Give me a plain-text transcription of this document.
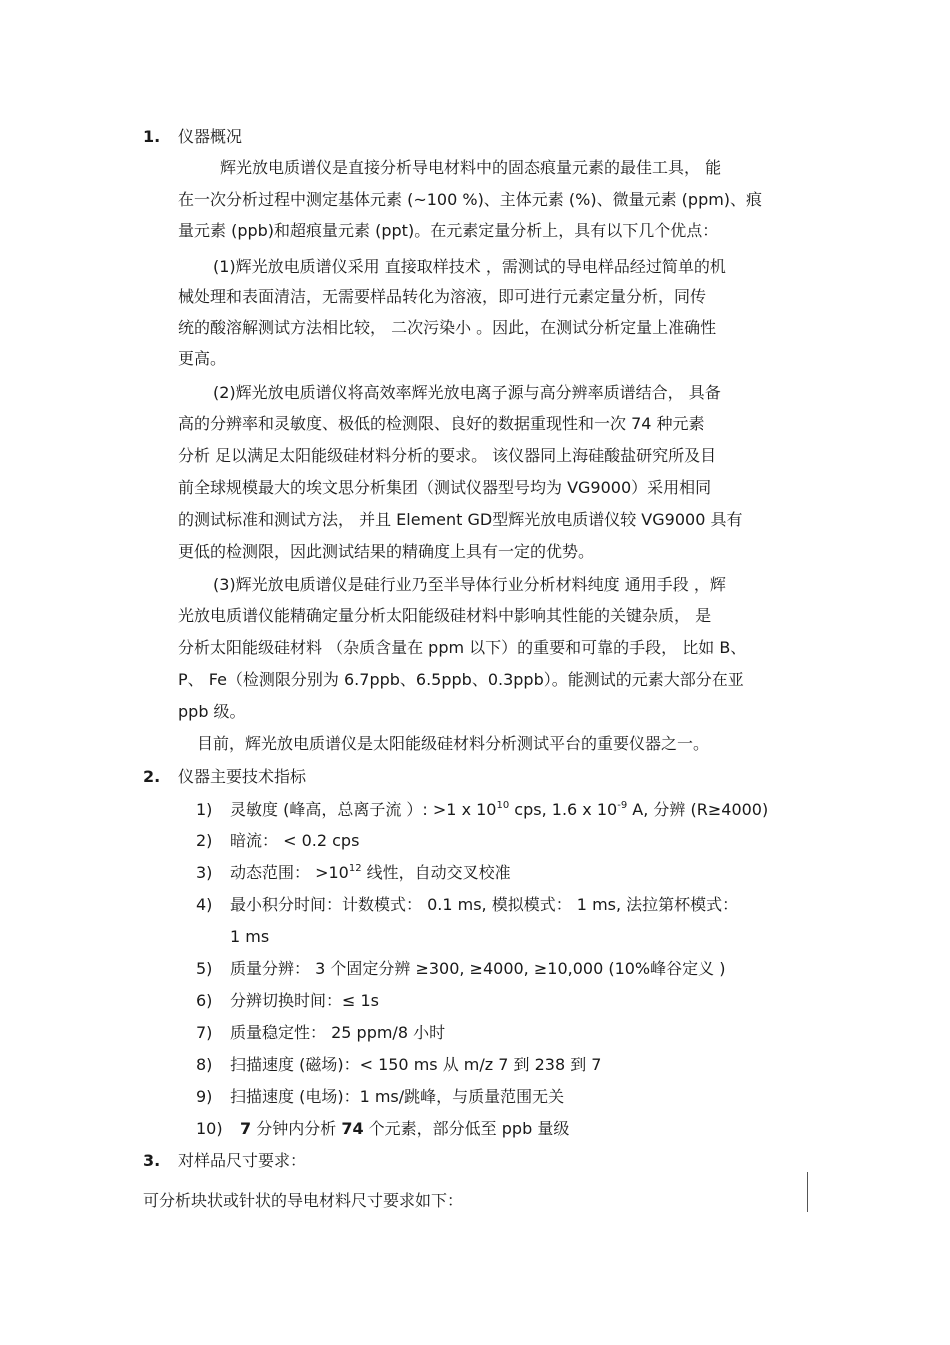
1. 仪器概况
辉光放电质谱仪是直接分析导电材料中的固态痕量元素的最佳工具， 能
在一次分析过程中测定基体元素 (~100 %)、主体元素 (%)、微量元素 (ppm)、痕
量元素 (ppb)和超痕量元素 (ppt)。在元素定量分析上，具有以下几个优点：
(1)辉光放电质谱仪采用 直接取样技术 ，需测试的导电样品经过简单的机
械处理和表面清洁，无需要样品转化为溶液，即可进行元素定量分析，同传
统的酸溶解测试方法相比较， 二次污染小 。因此，在测试分析定量上准确性
更高。
(2)辉光放电质谱仪将高效率辉光放电离子源与高分辨率质谱结合， 具备
高的分辨率和灵敏度、极低的检测限、良好的数据重现性和一次 74 种元素
分析 足以满足太阳能级硅材料分析的要求。 该仪器同上海硅酸盐研究所及目
前全球规模最大的埃文思分析集团（测试仪器型号均为 VG9000）采用相同
的测试标准和测试方法， 并且 Element GD型辉光放电质谱仪较 VG9000 具有
更低的检测限，因此测试结果的精确度上具有一定的优势。
(3)辉光放电质谱仪是硅行业乃至半导体行业分析材料纯度 通用手段 ，辉
光放电质谱仪能精确定量分析太阳能级硅材料中影响其性能的关键杂质， 是
分析太阳能级硅材料 （杂质含量在 ppm 以下）的重要和可靠的手段， 比如 B、
P、 Fe（检测限分别为 6.7ppb、6.5ppb、0.3ppb）。能测试的元素大部分在亚
ppb 级。
目前，辉光放电质谱仪是太阳能级硅材料分析测试平台的重要仪器之一。
2. 仪器主要技术指标
1) 灵敏度 (峰高，总离子流 ）: >1 x $10^{10}$ cps, 1.6 x $10^{-9}$ A, 分辨 (R≥4000)
2) 暗流： < 0.2 cps
3) 动态范围： $>10^{12}$ 线性，自动交叉校准
4) 最小积分时间：计数模式： 0.1 ms, 模拟模式： 1 ms, 法拉第杯模式：
1 ms
5) 质量分辨： 3 个固定分辨 ≥300, ≥4000, ≥10,000 (10%峰谷定义 )
6) 分辨切换时间：≤ 1s
7) 质量稳定性： 25 ppm/8 小时
8) 扫描速度 (磁场)：< 150 ms 从 m/z 7 到 238 到 7
9) 扫描速度 (电场)：1 ms/跳峰，与质量范围无关
10) 7 分钟内分析 74 个元素，部分低至 ppb 量级
3. 对样品尺寸要求：
可分析块状或针状的导电材料尺寸要求如下：
